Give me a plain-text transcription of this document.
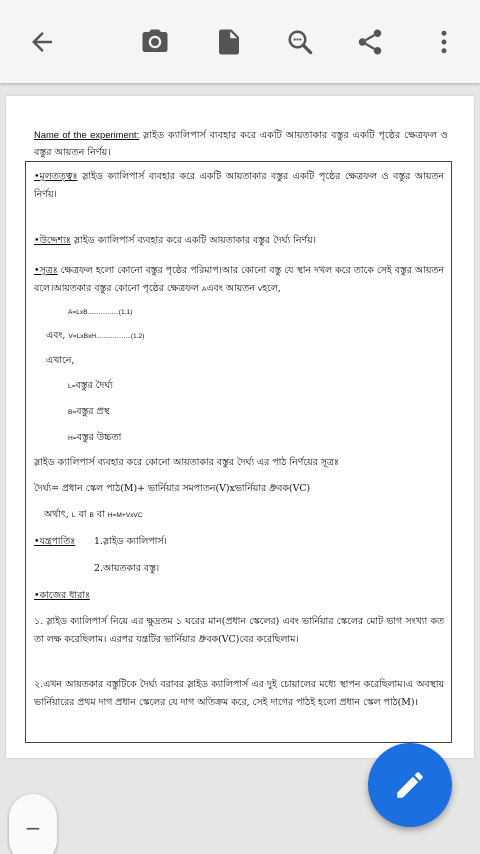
Name of the experiment: স্লাইড ক্যালিপার্স ব্যবহার করে একটি আয়তাকার বস্তুর একটি পৃষ্ঠের ক্ষেত্রফল ও বস্তুর আয়তন নির্ণয়।
•মূলতত্ত্বঃ স্লাইড ক্যালিপার্স ব্যবহার করে একটি আয়তাকার বস্তুর একটি পৃষ্ঠের ক্ষেত্রফল ও বস্তুর আয়তন নির্ণয়।
•উদ্দেশ্যঃ স্লাইড ক্যালিপার্স ব্যবহার করে একটি আয়তাকার বস্তুর দৈর্ঘ্য নির্ণয়।
•সূত্রঃ ক্ষেত্রফল হলো কোনো বস্তুর পৃষ্ঠের পরিমাপ।আর কোনো বস্তু যে স্থান দখল করে তাকে সেই বস্তুর আয়তন বলে।আয়তকার বস্তুর কোনো পৃষ্ঠের ক্ষেত্রফল Aএবং আয়তন Vহলে,
A=LxB.................(1.1)
এবং, V=LxBxH...................(1.2)
এখানে,
L=বস্তুর দৈর্ঘ্য
B=বস্তুর প্রস্থ
H=বস্তুর উচ্চতা
স্লাইড ক্যালিপার্স ব্যবহার করে কোনো আয়তাকার বস্তুর দৈর্ঘ্য এর পাঠ নির্ণয়ের সূত্রঃ
দৈর্ঘ্য= প্রধান স্কেল পাঠ(M)+ ভার্নিয়ার সমপাতন(V)xভার্নিয়ার ধ্রুবক(VC)
অর্থাৎ, L বা B বা H=M+VxVC
•যন্ত্রপাতিঃ	1.স্লাইড ক্যালিপার্স।
2.আয়তকার বস্তু।
•কাজের ধারাঃ
১. স্লাইড ক্যালিপার্স নিয়ে এর ক্ষুদ্রতম ১ ঘরের মান(প্রধান স্কেলের) এবং ভার্নিয়ার স্কেলের মোট ভাগ সংখ্যা কত তা লক্ষ করেছিলাম। এরপর যন্ত্রটির ভার্নিয়ার ধ্রুবক(VC)বের করেছিলাম।
২.এখন আয়তকার বস্তুটিকে দৈর্ঘ্য বরাবর স্লাইড ক্যালিপার্স এর দুই চোয়ালের মধ্যে স্থাপন করেছিলাম।এ অবস্থায় ভার্নিয়ারের প্রথম দাগ প্রধান স্কেলের যে দাগ অতিক্রম করে, সেই দাগের পাঠই হলো প্রধান স্কেল পাঠ(M)।
−
